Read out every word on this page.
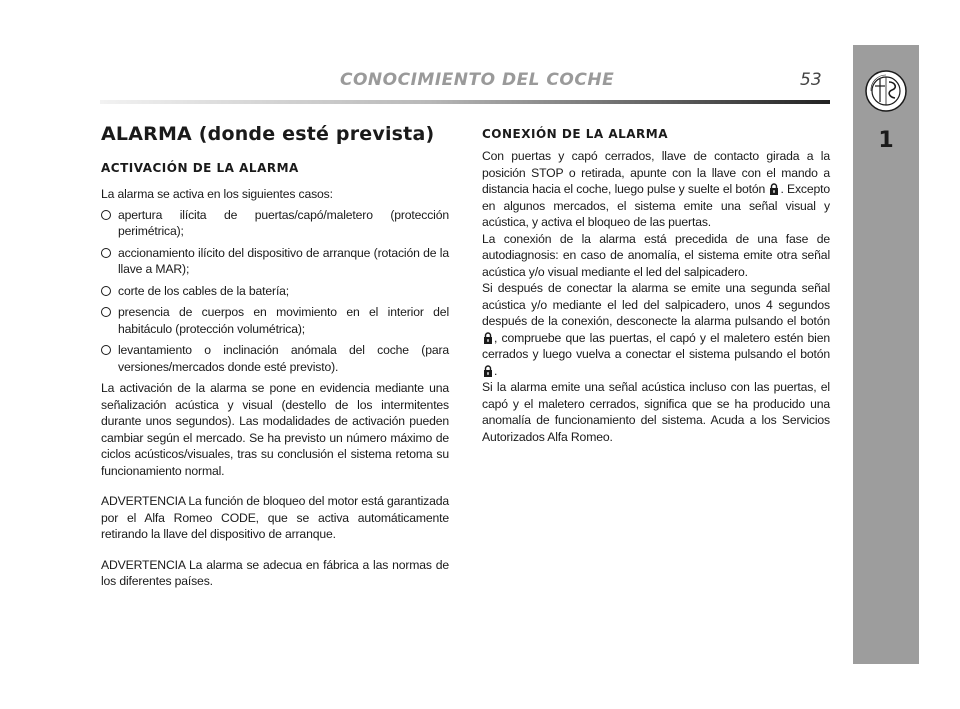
CONOCIMIENTO DEL COCHE	53
1
ALARMA (donde esté prevista)
ACTIVACIÓN DE LA ALARMA

La alarma se activa en los siguientes casos:

apertura ilícita de puertas/capó/maletero (protección perimétrica);
accionamiento ilícito del dispositivo de arranque (rotación de la llave a MAR);
corte de los cables de la batería;
presencia de cuerpos en movimiento en el interior del habitáculo (protección volumétrica);
levantamiento o inclinación anómala del coche (para versiones/mercados donde esté previsto).

La activación de la alarma se pone en evidencia mediante una señalización acústica y visual (destello de los intermitentes durante unos segundos). Las modalidades de activación pueden cambiar según el mercado. Se ha previsto un número máximo de ciclos acústicos/visuales, tras su conclusión el sistema retoma su funcionamiento normal.

ADVERTENCIA La función de bloqueo del motor está garantizada por el Alfa Romeo CODE, que se activa automáticamente retirando la llave del dispositivo de arranque.

ADVERTENCIA La alarma se adecua en fábrica a las normas de los diferentes países.

CONEXIÓN DE LA ALARMA

Con puertas y capó cerrados, llave de contacto girada a la posición STOP o retirada, apunte con la llave con el mando a distancia hacia el coche, luego pulse y suelte el botón . Excepto en algunos mercados, el sistema emite una señal visual y acústica, y activa el bloqueo de las puertas.

La conexión de la alarma está precedida de una fase de autodiagnosis: en caso de anomalía, el sistema emite otra señal acústica y/o visual mediante el led del salpicadero.

Si después de conectar la alarma se emite una segunda señal acústica y/o mediante el led del salpicadero, unos 4 segundos después de la conexión, desconecte la alarma pulsando el botón , compruebe que las puertas, el capó y el maletero estén bien cerrados y luego vuelva a conectar el sistema pulsando el botón .

Si la alarma emite una señal acústica incluso con las puertas, el capó y el maletero cerrados, significa que se ha producido una anomalía de funcionamiento del sistema. Acuda a los Servicios Autorizados Alfa Romeo.
